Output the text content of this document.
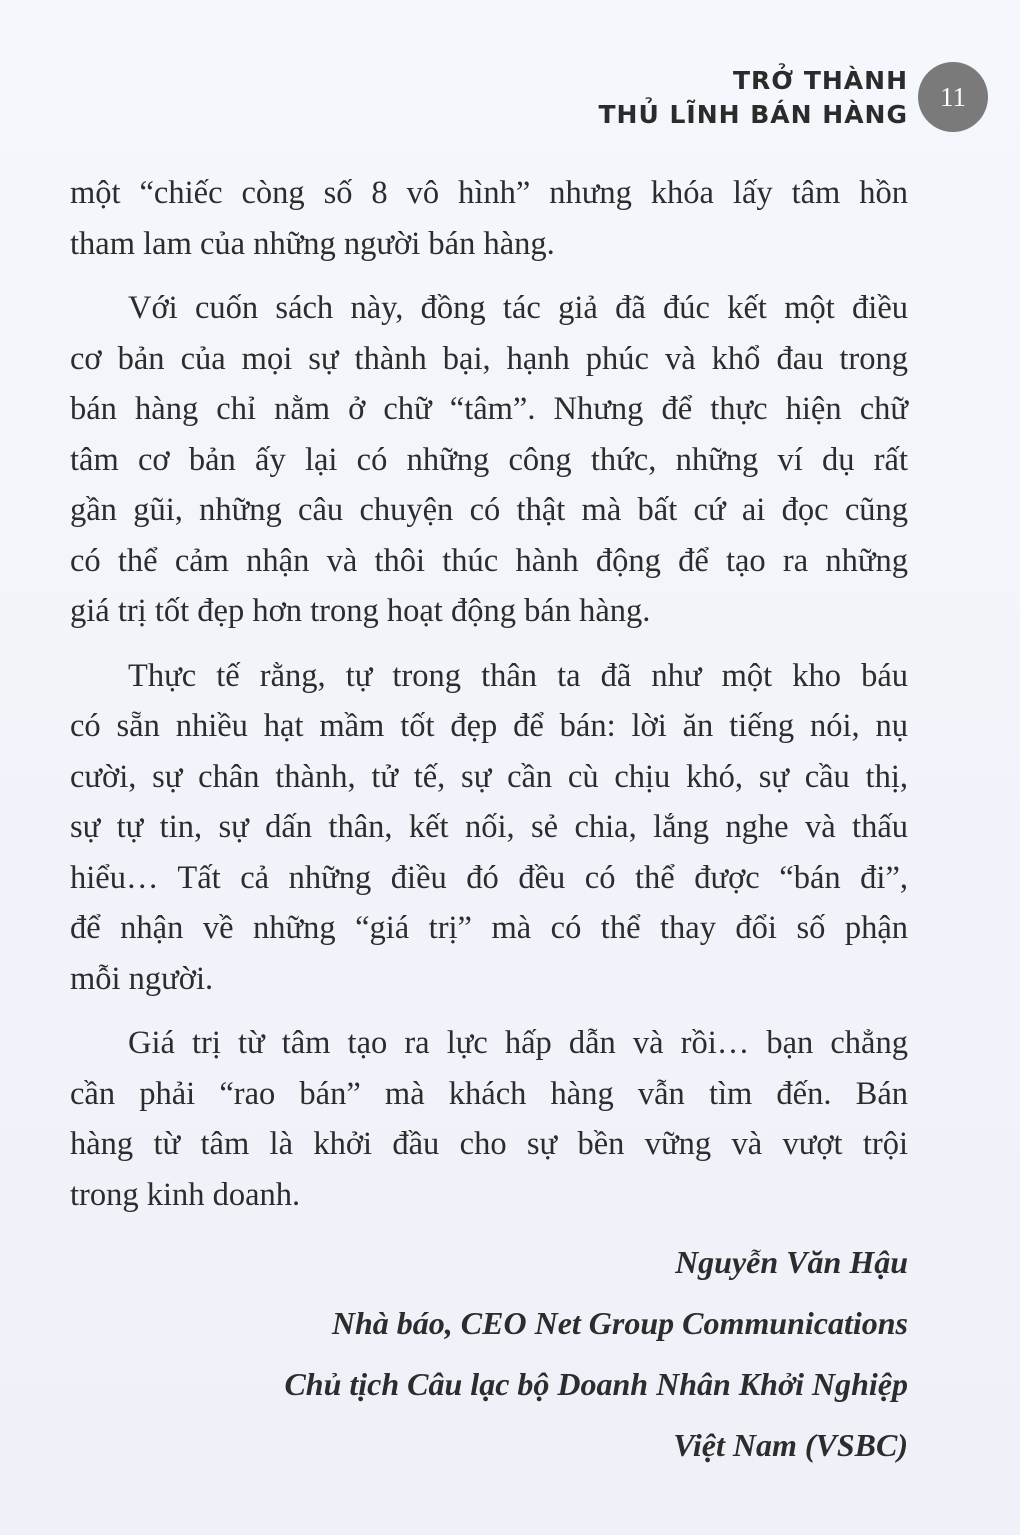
TRỞ THÀNH
THỦ LĨNH BÁN HÀNG
11

một “chiếc còng số 8 vô hình” nhưng khóa lấy tâm hồn
tham lam của những người bán hàng.

Với cuốn sách này, đồng tác giả đã đúc kết một điều
cơ bản của mọi sự thành bại, hạnh phúc và khổ đau trong
bán hàng chỉ nằm ở chữ “tâm”. Nhưng để thực hiện chữ
tâm cơ bản ấy lại có những công thức, những ví dụ rất
gần gũi, những câu chuyện có thật mà bất cứ ai đọc cũng
có thể cảm nhận và thôi thúc hành động để tạo ra những
giá trị tốt đẹp hơn trong hoạt động bán hàng.

Thực tế rằng, tự trong thân ta đã như một kho báu
có sẵn nhiều hạt mầm tốt đẹp để bán: lời ăn tiếng nói, nụ
cười, sự chân thành, tử tế, sự cần cù chịu khó, sự cầu thị,
sự tự tin, sự dấn thân, kết nối, sẻ chia, lắng nghe và thấu
hiểu… Tất cả những điều đó đều có thể được “bán đi”,
để nhận về những “giá trị” mà có thể thay đổi số phận
mỗi người.

Giá trị từ tâm tạo ra lực hấp dẫn và rồi… bạn chẳng
cần phải “rao bán” mà khách hàng vẫn tìm đến. Bán
hàng từ tâm là khởi đầu cho sự bền vững và vượt trội
trong kinh doanh.

Nguyễn Văn Hậu
Nhà báo, CEO Net Group Communications
Chủ tịch Câu lạc bộ Doanh Nhân Khởi Nghiệp
Việt Nam (VSBC)
